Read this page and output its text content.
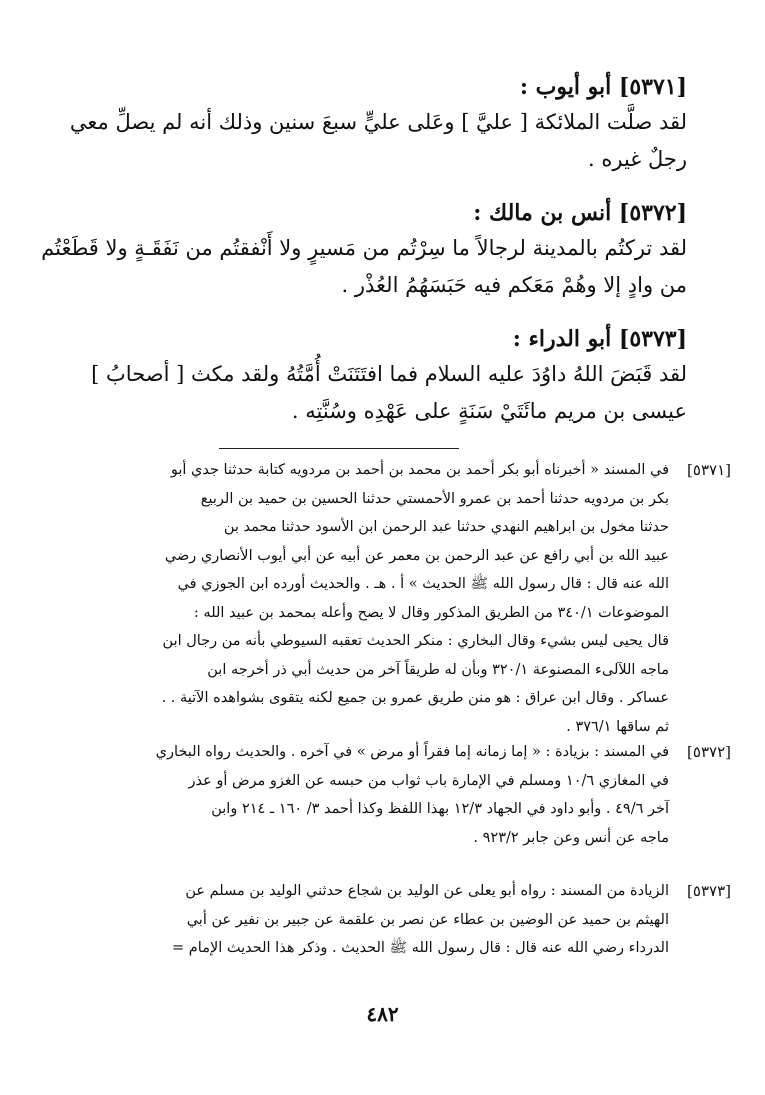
[٥٣٧١] أبو أيوب :
لقد صلَّت الملائكة [ عليَّ ] وعَلى عليٍّ سبعَ سنين وذلك أنه لم يصلِّ معي
رجلٌ غيره .
[٥٣٧٢] أنس بن مالك :
لقد تركتُم بالمدينة لرجالاً ما سِرْتُم من مَسيرٍ ولا أَنْفقتُم من نَفَقَـةٍ ولا قَطَعْتُم
من وادٍ إلا وهُمْ مَعَكم فيه حَبَسَهُمُ العُذْر .
[٥٣٧٣] أبو الدراء :
لقد قَبَضَ اللهُ داوُدَ عليه السلام فما افتَتَنَتْ أُمَّتُهُ ولقد مكث [ أصحابُ ]
عيسى بن مريم مائَتَيْ سَنَةٍ على عَهْدِه وسُنَّتِه .
[٥٣٧١]
في المسند « أخبرناه أبو بكر أحمد بن محمد بن أحمد بن مردويه كتابة حدثنا جدي أبو
بكر بن مردويه حدثنا أحمد بن عمرو الأحمستي حدثنا الحسين بن حميد بن الربيع
حدثنا مخول بن ابراهيم النهدي حدثنا عبد الرحمن ابن الأسود حدثنا محمد بن
عبيد الله بن أبي رافع عن عبد الرحمن بن معمر عن أبيه عن أبي أيوب الأنصاري رضي
الله عنه قال : قال رسول الله ﷺ الحديث » أ . هـ . والحديث أورده ابن الجوزي في
الموضوعات ٣٤٠/١ من الطريق المذكور وقال لا يصح وأعله بمحمد بن عبيد الله :
قال يحيى ليس بشيء وقال البخاري : منكر الحديث تعقبه السيوطي بأنه من رجال ابن
ماجه اللآلىء المصنوعة ٣٢٠/١ وبأن له طريقاً آخر من حديث أبي ذر أخرجه ابن
عساكر . وقال ابن عراق : هو منن طريق عمرو بن جميع لكنه يتقوى بشواهده الآتية . .
ثم ساقها ٣٧٦/١ .
[٥٣٧٢]
في المسند : بزيادة : « إما زمانه إما فقراً أو مرض » في آخره . والحديث رواه البخاري
في المغازي ١٠/٦ ومسلم في الإمارة باب ثواب من حبسه عن الغزو مرض أو عذر
آخر ٤٩/٦ . وأبو داود في الجهاد ١٢/٣ بهذا اللفظ وكذا أحمد ٣/ ١٦٠ ـ ٢١٤ وابن
ماجه عن أنس وعن جابر ٩٢٣/٢ .
[٥٣٧٣]
الزيادة من المسند : رواه أبو يعلى عن الوليد بن شجاع حدثني الوليد بن مسلم عن
الهيثم بن حميد عن الوضين بن عطاء عن نصر بن علقمة عن جبير بن نفير عن أبي
الدرداء رضي الله عنه قال : قال رسول الله ﷺ الحديث . وذكر هذا الحديث الإمام =
٤٨٢
